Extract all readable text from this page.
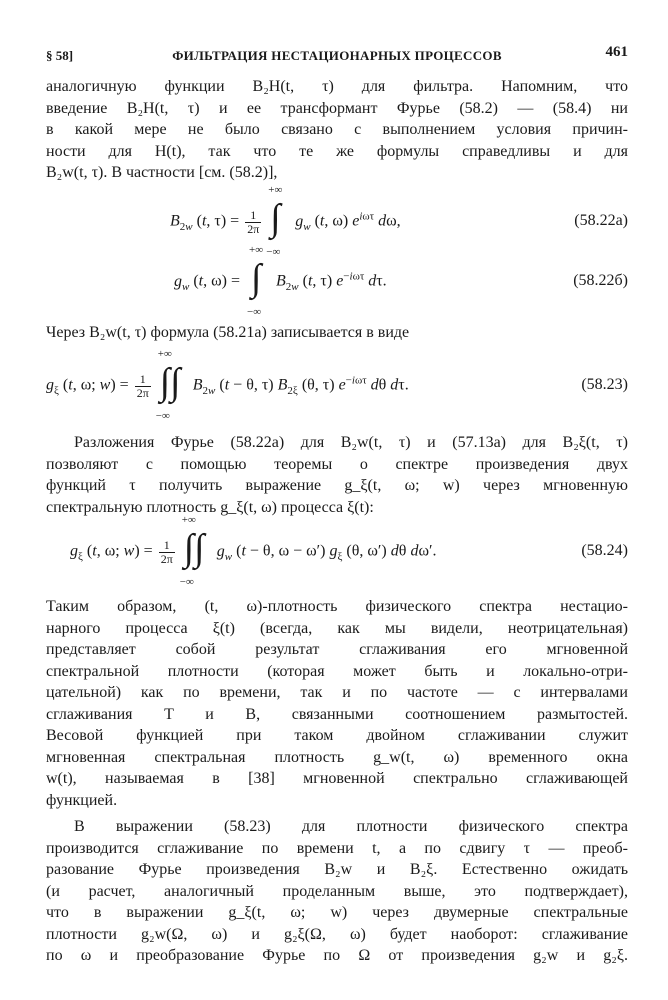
§ 58]	ФИЛЬТРАЦИЯ НЕСТАЦИОНАРНЫХ ПРОЦЕССОВ	461
аналогичную функции B₂H(t, τ) для фильтра. Напомним, что
введение B₂H(t, τ) и ее трансформант Фурье (58.2) — (58.4) ни
в какой мере не было связано с выполнением условия причин-
ности для H(t), так что те же формулы справедливы и для
B₂w(t, τ). В частности [см. (58.2)],
$B_{2w}$ (t, $\tau) = \frac{1}{2\pi}$
+∞
∫
−∞
$g_w$ (t, ω) $e^{i\omega\tau}$ dω,	(58.22а)
$g_w$ (t, ω) =
+∞
∫
−∞
$B_{2w}$ (t, τ) $e^{-i\omega\tau}$ dτ.	(58.22б)
Через B₂w(t, τ) формула (58.21а) записывается в виде
$g_\xi$ (t, ω; $w) = \frac{1}{2\pi}$
+∞
∫∫
−∞
$B_{2w}$ (t − θ, τ) $B_{2\xi}$ (θ, τ) $e^{-i\omega\tau}$ dθ dτ.	(58.23)
Разложения Фурье (58.22а) для B₂w(t, τ) и (57.13а) для B₂ξ(t, τ)
позволяют с помощью теоремы о спектре произведения двух
функций τ получить выражение g_ξ(t, ω; w) через мгновенную
спектральную плотность g_ξ(t, ω) процесса ξ(t):
$g_\xi$ (t, ω; $w) = \frac{1}{2\pi}$
+∞
∫∫
−∞
$g_w$ (t − θ, ω − ω′) $g_\xi$ (θ, ω′) dθ dω′.	(58.24)
Таким образом, (t, ω)-плотность физического спектра нестацио-
нарного процесса ξ(t) (всегда, как мы видели, неотрицательная)
представляет собой результат сглаживания его мгновенной
спектральной плотности (которая может быть и локально-отри-
цательной) как по времени, так и по частоте — с интервалами
сглаживания T и B, связанными соотношением размытостей.
Весовой функцией при таком двойном сглаживании служит
мгновенная спектральная плотность g_w(t, ω) временного окна
w(t), называемая в [38] мгновенной спектрально сглаживающей
функцией.
В выражении (58.23) для плотности физического спектра
производится сглаживание по времени t, а по сдвигу τ — преоб-
разование Фурье произведения B₂w и B₂ξ. Естественно ожидать
(и расчет, аналогичный проделанным выше, это подтверждает),
что в выражении g_ξ(t, ω; w) через двумерные спектральные
плотности g₂w(Ω, ω) и g₂ξ(Ω, ω) будет наоборот: сглаживание
по ω и преобразование Фурье по Ω от произведения g₂w и g₂ξ.
